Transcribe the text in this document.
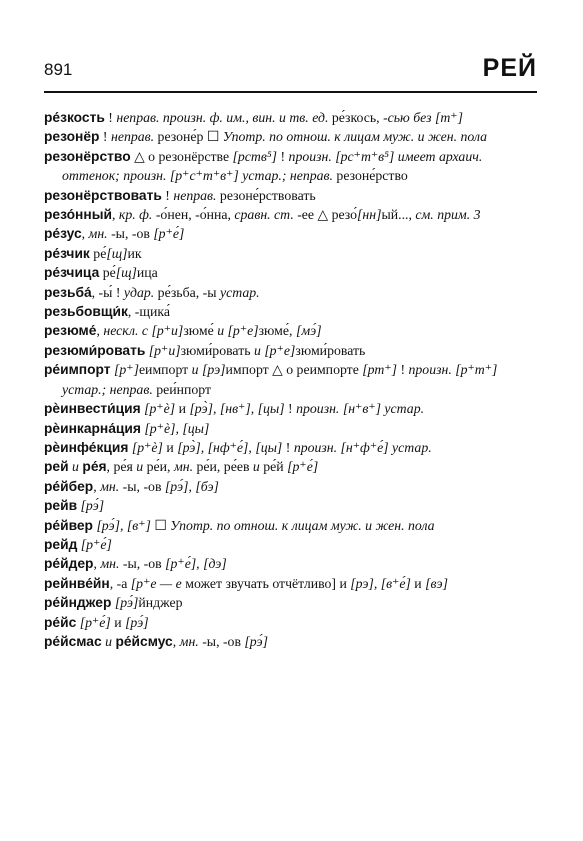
891	РЕЙ

ре́зкость ! неправ. произн. ф. им., вин. и тв. ед. ре́зкось, -сью без [т⁺]

резонёр ! неправ. резоне́р ☐ Употр. по отнош. к лицам муж. и жен. пола

резонёрство △ о резонёрстве [рств⁵] ! произн. [рс⁺т⁺в⁵] имеет архаич. оттенок; произн. [р⁺с⁺т⁺в⁺] устар.; неправ. резоне́рство

резонёрствовать ! неправ. резоне́рствовать

резо́нный, кр. ф. -о́нен, -о́нна, сравн. ст. -ее △ резо́[нн]ый..., см. прим. 3

ре́зус, мн. -ы, -ов [р⁺е́]

ре́зчик ре́[щ]ик

ре́зчица ре́[щ]ица

резьба́, -ы́ ! удар. ре́зьба, -ы устар.

резьбовщи́к, -щика́

резюме́, нескл. с [р⁺и]зюме́ и [р⁺е]зюме́, [мэ́]

резюми́ровать [р⁺и]зюми́ровать и [р⁺е]зюми́ровать

ре́импорт [р⁺]еимпорт и [рэ]импорт △ о реимпорте [рт⁺] ! произн. [р⁺т⁺] устар.; неправ. реи́нпорт

рѐинвести́ция [р⁺ѐ] и [рэ̀], [нв⁺], [цы] ! произн. [н⁺в⁺] устар.

рѐинкарна́ция [р⁺ѐ], [цы]

рѐинфе́кция [р⁺ѐ] и [рэ̀], [нф⁺е́], [цы] ! произн. [н⁺ф⁺е́] устар.

рей и ре́я, ре́я и ре́и, мн. ре́и, ре́ев и ре́й [р⁺е́]

ре́йбер, мн. -ы, -ов [рэ́], [бэ]

рейв [рэ́]

ре́йвер [рэ́], [в⁺] ☐ Употр. по отнош. к лицам муж. и жен. пола

рейд [р⁺е́]

ре́йдер, мн. -ы, -ов [р⁺е́], [дэ]

рейнве́йн, -а [р⁺е — е может звучать отчётливо] и [рэ], [в⁺е́] и [вэ]

ре́йнджер [рэ́]йнджер

ре́йс [р⁺е́] и [рэ́]

ре́йсмас и ре́йсмус, мн. -ы, -ов [рэ́]
